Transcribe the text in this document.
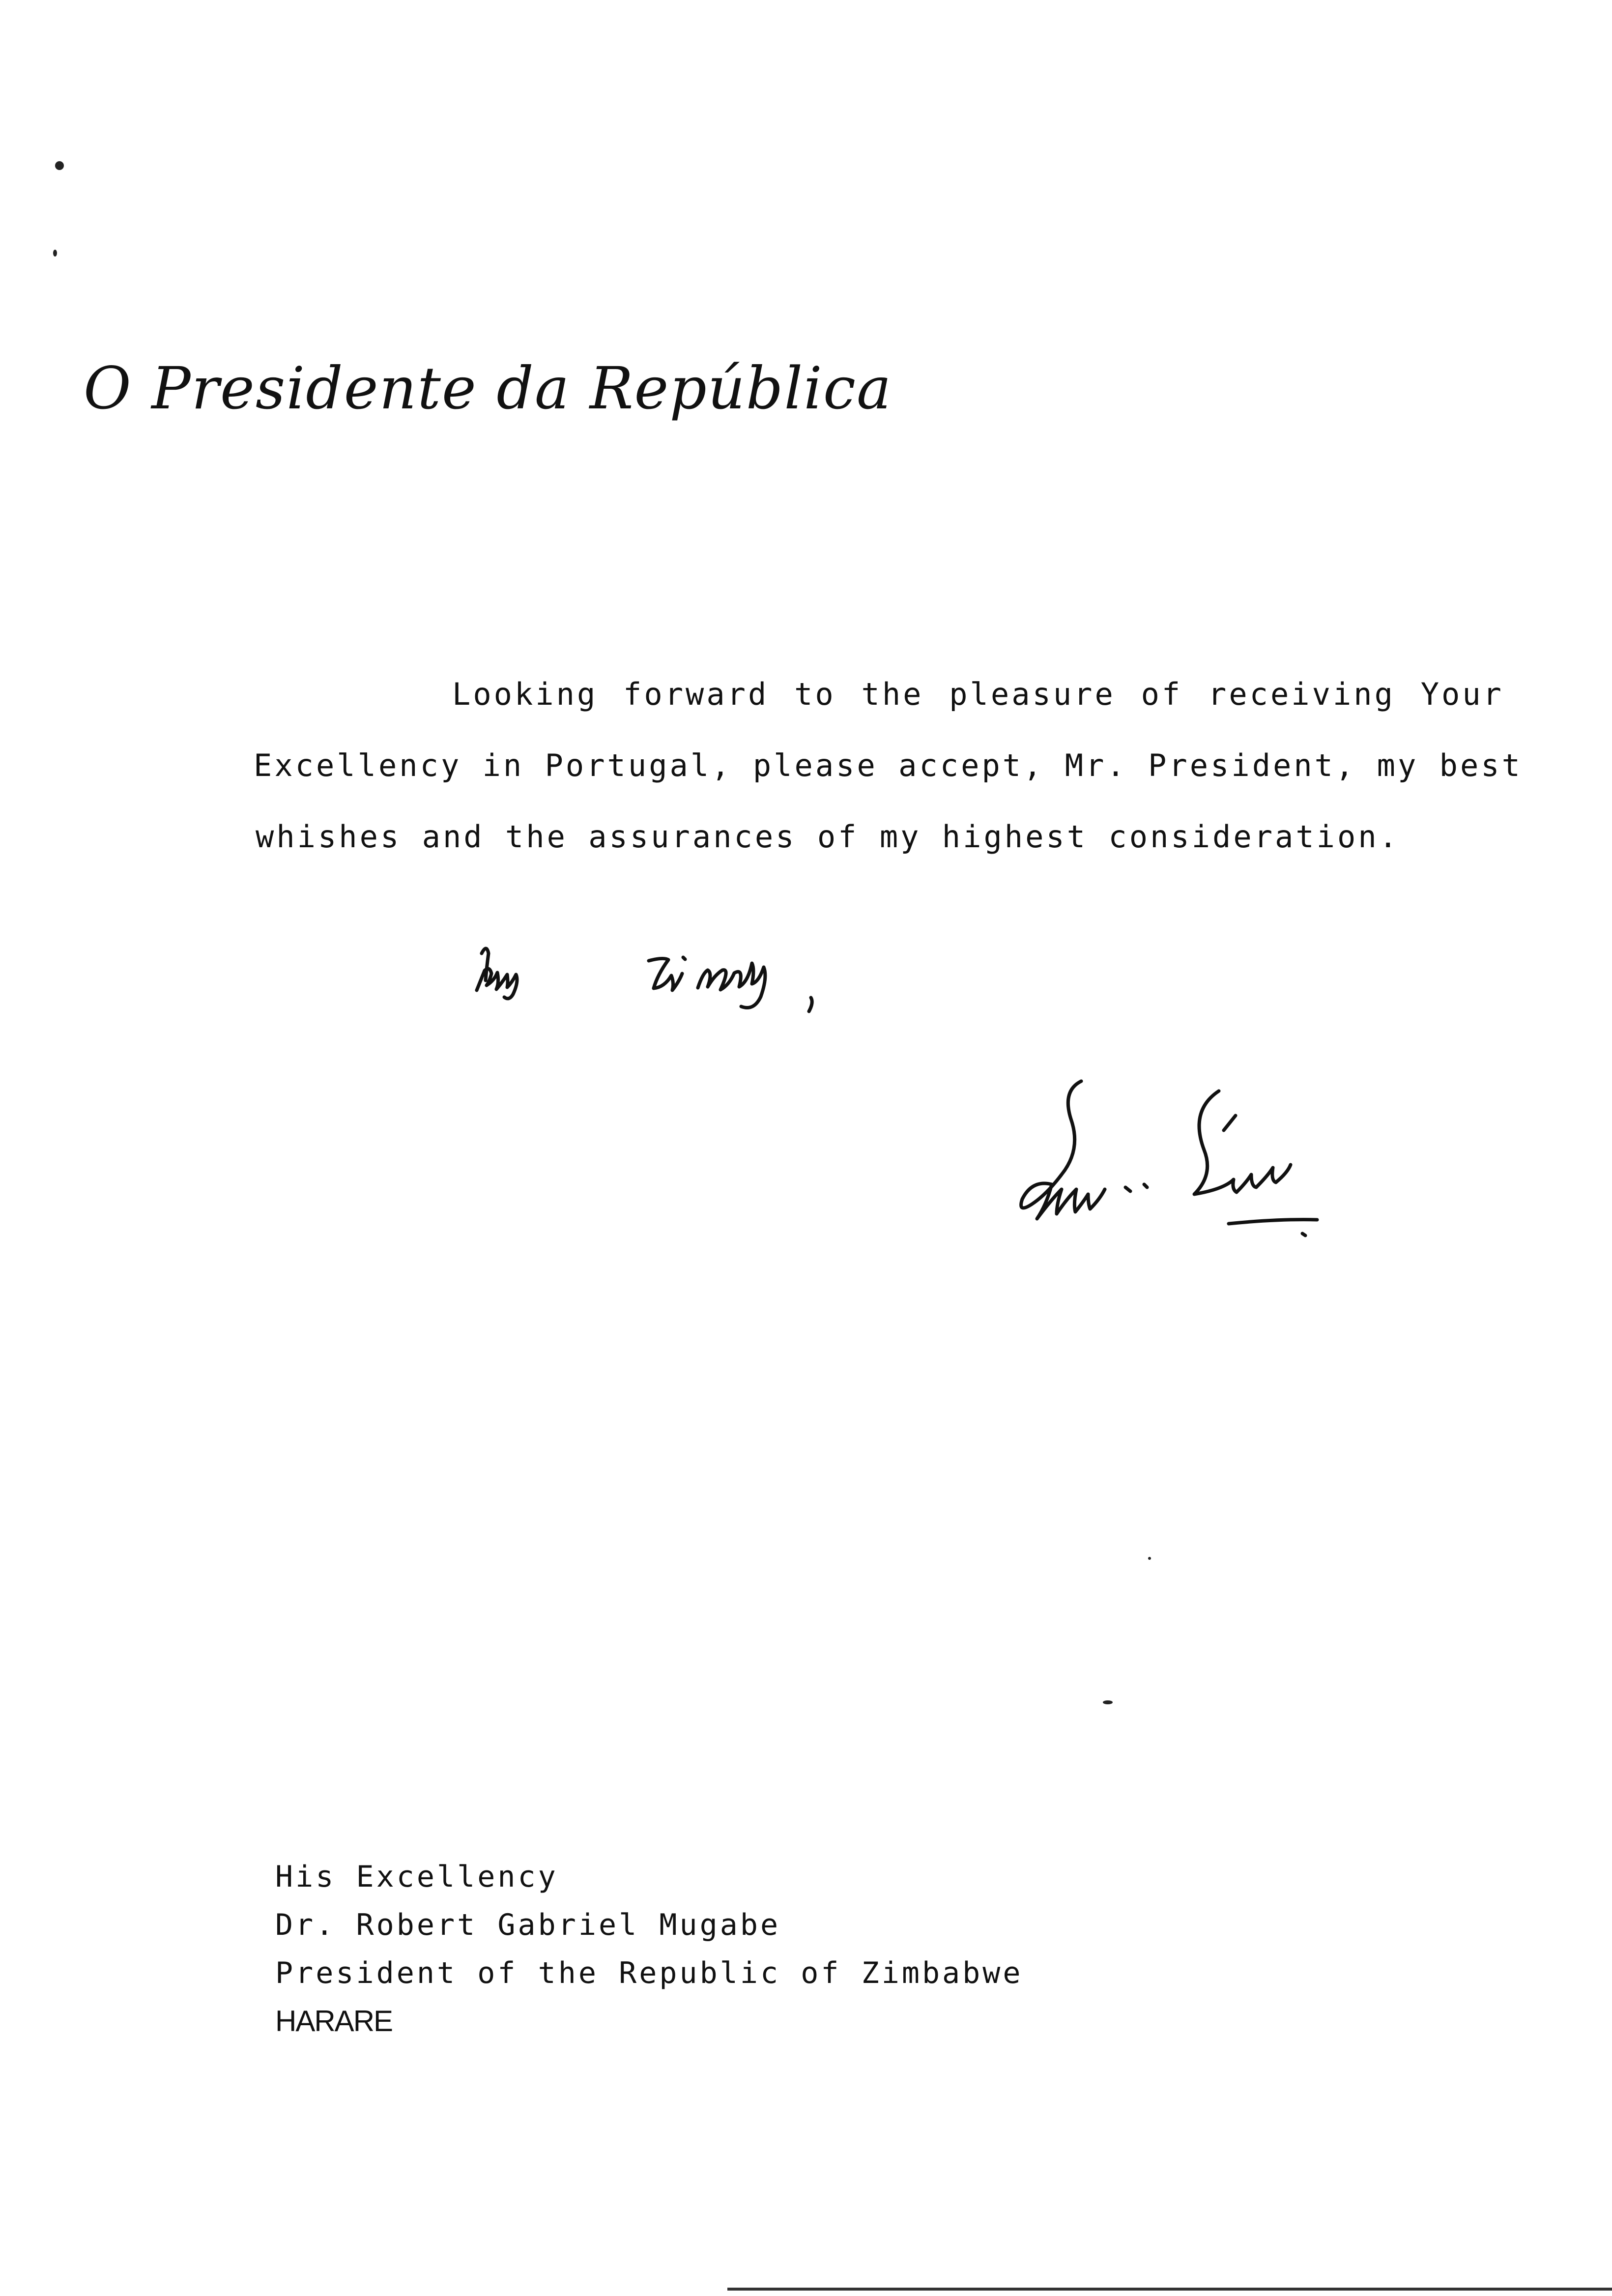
O Presidente da República
Looking forward to the pleasure of receiving Your
Excellency in Portugal, please accept, Mr. President, my best
whishes and the assurances of my highest consideration.
His Excellency
Dr. Robert Gabriel Mugabe
President of the Republic of Zimbabwe
HARARE
